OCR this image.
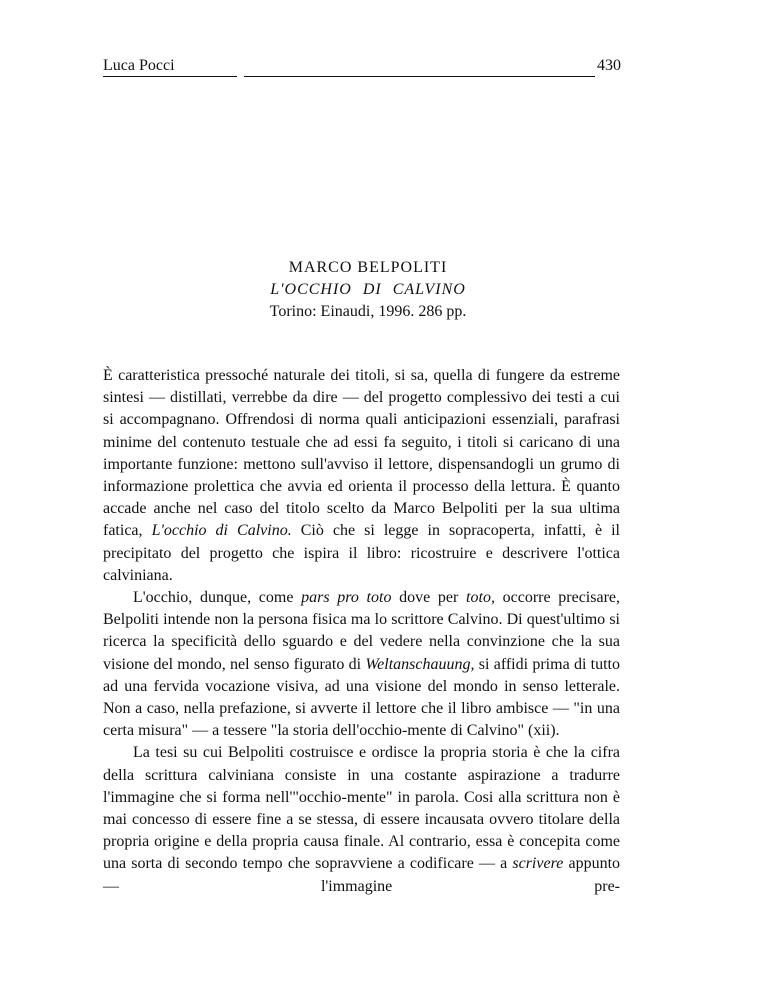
Luca Pocci	430
MARCO BELPOLITI
L'OCCHIO DI CALVINO
Torino: Einaudi, 1996. 286 pp.

È caratteristica pressoché naturale dei titoli, si sa, quella di fungere da estreme sintesi — distillati, verrebbe da dire — del progetto complessivo dei testi a cui si accompagnano. Offrendosi di norma quali anticipazioni essenziali, parafrasi minime del contenuto testuale che ad essi fa seguito, i titoli si caricano di una importante funzione: mettono sull'avviso il lettore, dispensandogli un grumo di informazione prolettica che avvia ed orienta il processo della lettura. È quanto accade anche nel caso del titolo scelto da Marco Belpoliti per la sua ultima fatica, L'occhio di Calvino. Ciò che si legge in sopracoperta, infatti, è il precipitato del progetto che ispira il libro: ricostruire e descrivere l'ottica calviniana.

L'occhio, dunque, come pars pro toto dove per toto, occorre precisare, Belpoliti intende non la persona fisica ma lo scrittore Calvino. Di quest'ultimo si ricerca la specificità dello sguardo e del vedere nella convinzione che la sua visione del mondo, nel senso figurato di Weltanschauung, si affidi prima di tutto ad una fervida vocazione visiva, ad una visione del mondo in senso letterale. Non a caso, nella prefazione, si avverte il lettore che il libro ambisce — "in una certa misura" — a tessere "la storia dell'occhio-mente di Calvino" (xii).

La tesi su cui Belpoliti costruisce e ordisce la propria storia è che la cifra della scrittura calviniana consiste in una costante aspirazione a tradurre l'immagine che si forma nell'"occhio-mente" in parola. Cosi alla scrittura non è mai concesso di essere fine a se stessa, di essere incausata ovvero titolare della propria origine e della propria causa finale. Al contrario, essa è concepita come una sorta di secondo tempo che sopravviene a codificare — a scrivere appunto — l'immagine pre-
